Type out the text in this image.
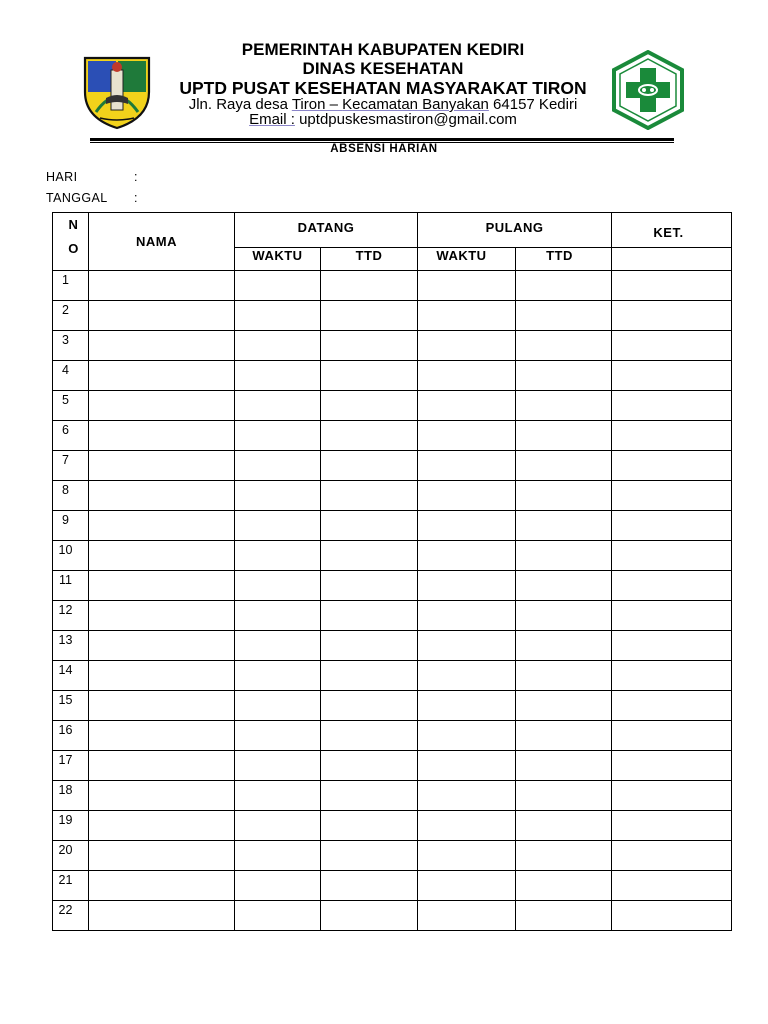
PEMERINTAH KABUPATEN KEDIRI
DINAS KESEHATAN
UPTD PUSAT KESEHATAN MASYARAKAT TIRON
Jln. Raya desa Tiron – Kecamatan Banyakan 64157 Kediri
Email : uptdpuskesmastiron@gmail.com
ABSENSI HARIAN
HARI	:
TANGGAL :
N
O	NAMA	DATANG		PULANG		KET.
		WAKTU	TTD	WAKTU	TTD	
1						
2						
3						
4						
5						
6						
7						
8						
9						
10						
11						
12						
13						
14						
15						
16						
17						
18						
19						
20						
21						
22						
